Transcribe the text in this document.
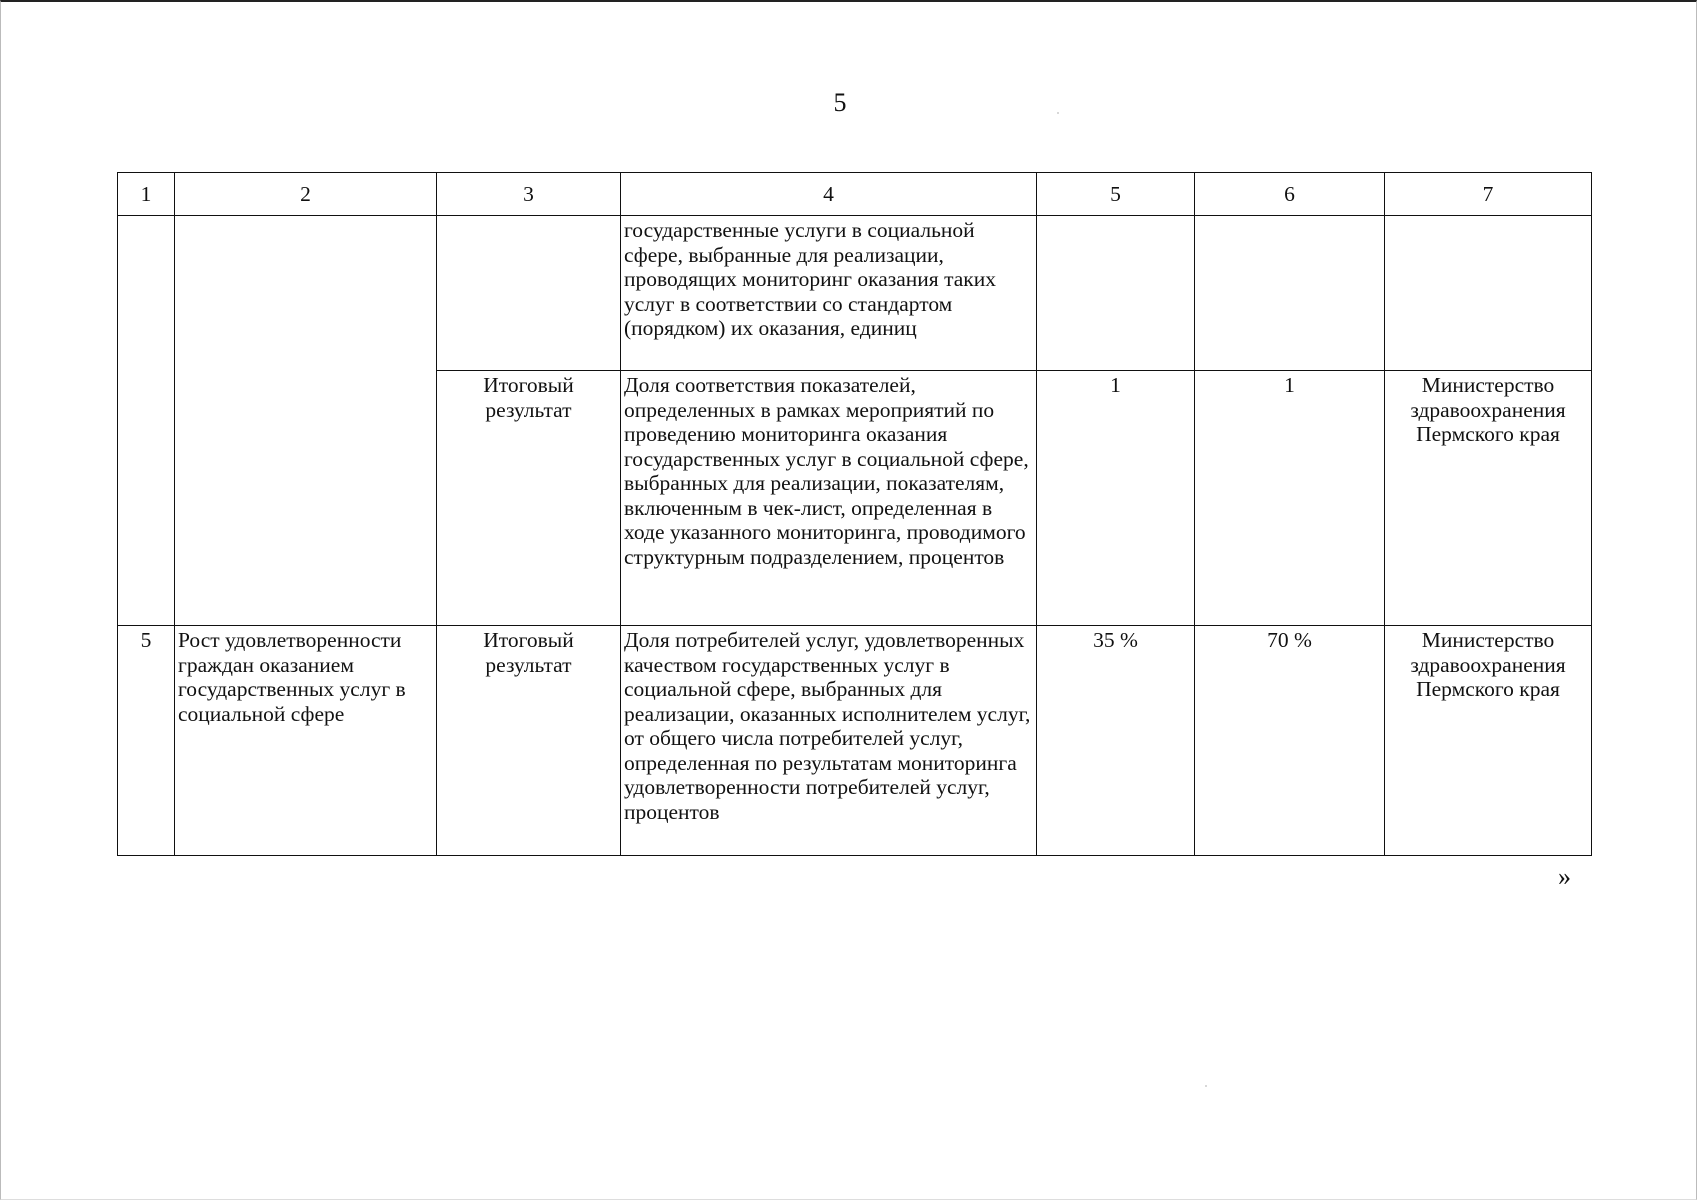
5
1	2	3	4	5	6	7
			государственные услуги в социальной сфере, выбранные для реализации, проводящих мониторинг оказания таких услуг в соответствии со стандартом (порядком) их оказания, единиц			
		Итоговый результат	Доля соответствия показателей, определенных в рамках мероприятий по проведению мониторинга оказания государственных услуг в социальной сфере, выбранных для реализации, показателям, включенным в чек-лист, определенная в ходе указанного мониторинга, проводимого структурным подразделением, процентов	1	1	Министерство здравоохранения Пермского края
5	Рост удовлетворенности граждан оказанием государственных услуг в социальной сфере	Итоговый результат	Доля потребителей услуг, удовлетворенных качеством государственных услуг в социальной сфере, выбранных для реализации, оказанных исполнителем услуг, от общего числа потребителей услуг, определенная по результатам мониторинга удовлетворенности потребителей услуг, процентов	35 %	70 %	Министерство здравоохранения Пермского края
»
